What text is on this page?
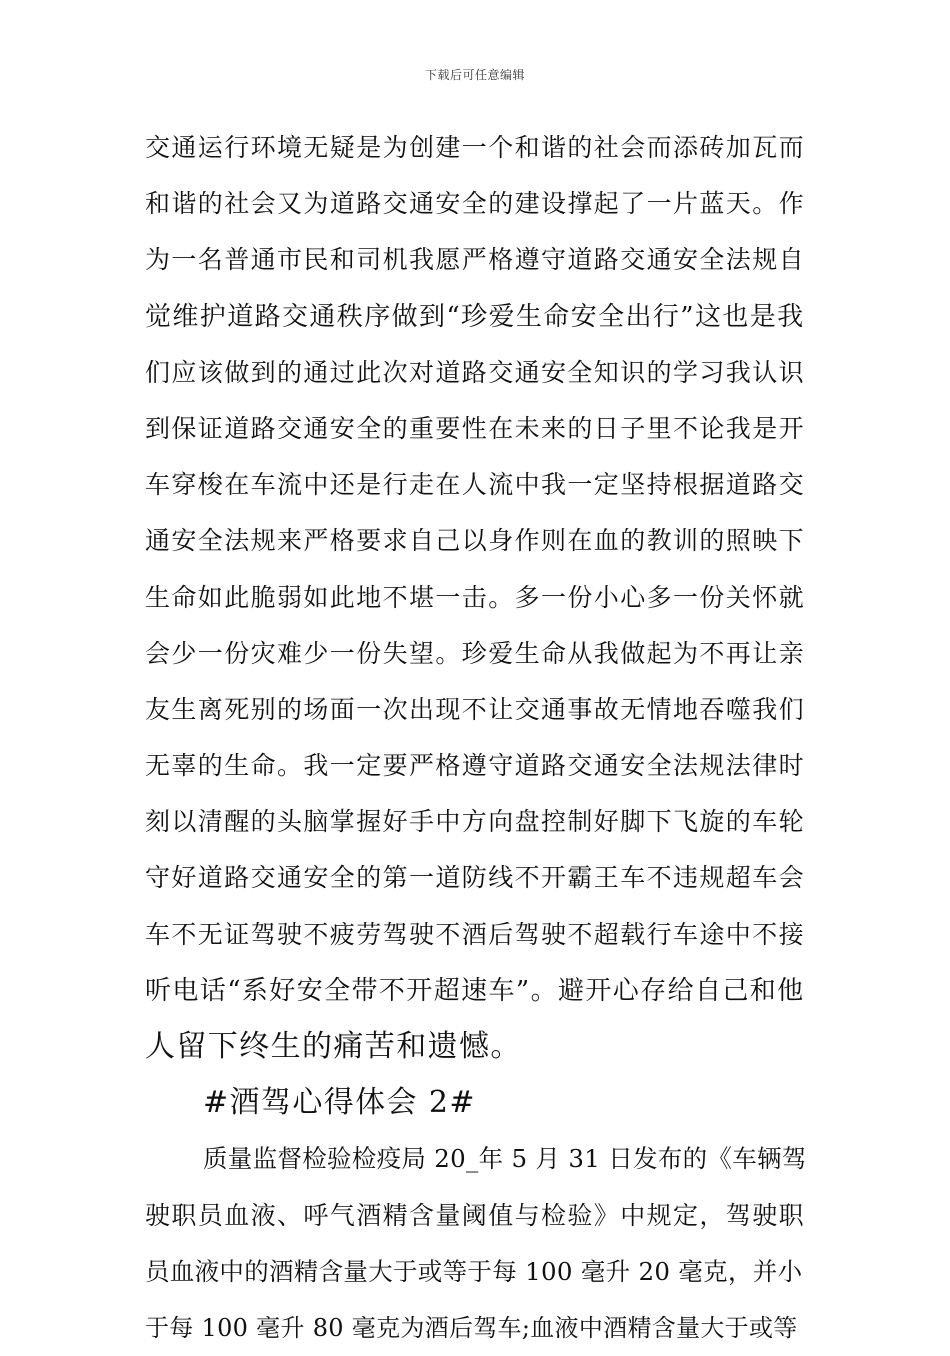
下载后可任意编辑
交通运行环境无疑是为创建一个和谐的社会而添砖加瓦而
和谐的社会又为道路交通安全的建设撑起了一片蓝天。作
为一名普通市民和司机我愿严格遵守道路交通安全法规自
觉维护道路交通秩序做到“珍爱生命安全出行”这也是我
们应该做到的通过此次对道路交通安全知识的学习我认识
到保证道路交通安全的重要性在未来的日子里不论我是开
车穿梭在车流中还是行走在人流中我一定坚持根据道路交
通安全法规来严格要求自己以身作则在血的教训的照映下
生命如此脆弱如此地不堪一击。多一份小心多一份关怀就
会少一份灾难少一份失望。珍爱生命从我做起为不再让亲
友生离死别的场面一次出现不让交通事故无情地吞噬我们
无辜的生命。我一定要严格遵守道路交通安全法规法律时
刻以清醒的头脑掌握好手中方向盘控制好脚下飞旋的车轮
守好道路交通安全的第一道防线不开霸王车不违规超车会
车不无证驾驶不疲劳驾驶不酒后驾驶不超载行车途中不接
听电话“系好安全带不开超速车”。避开心存给自己和他
人留下终生的痛苦和遗憾。
#酒驾心得体会 2#
质量监督检验检疫局 20_年 5 月 31 日发布的《车辆驾
驶职员血液、呼气酒精含量阈值与检验》中规定，驾驶职
员血液中的酒精含量大于或等于每 100 毫升 20 毫克，并小
于每 100 毫升 80 毫克为酒后驾车;血液中酒精含量大于或等
